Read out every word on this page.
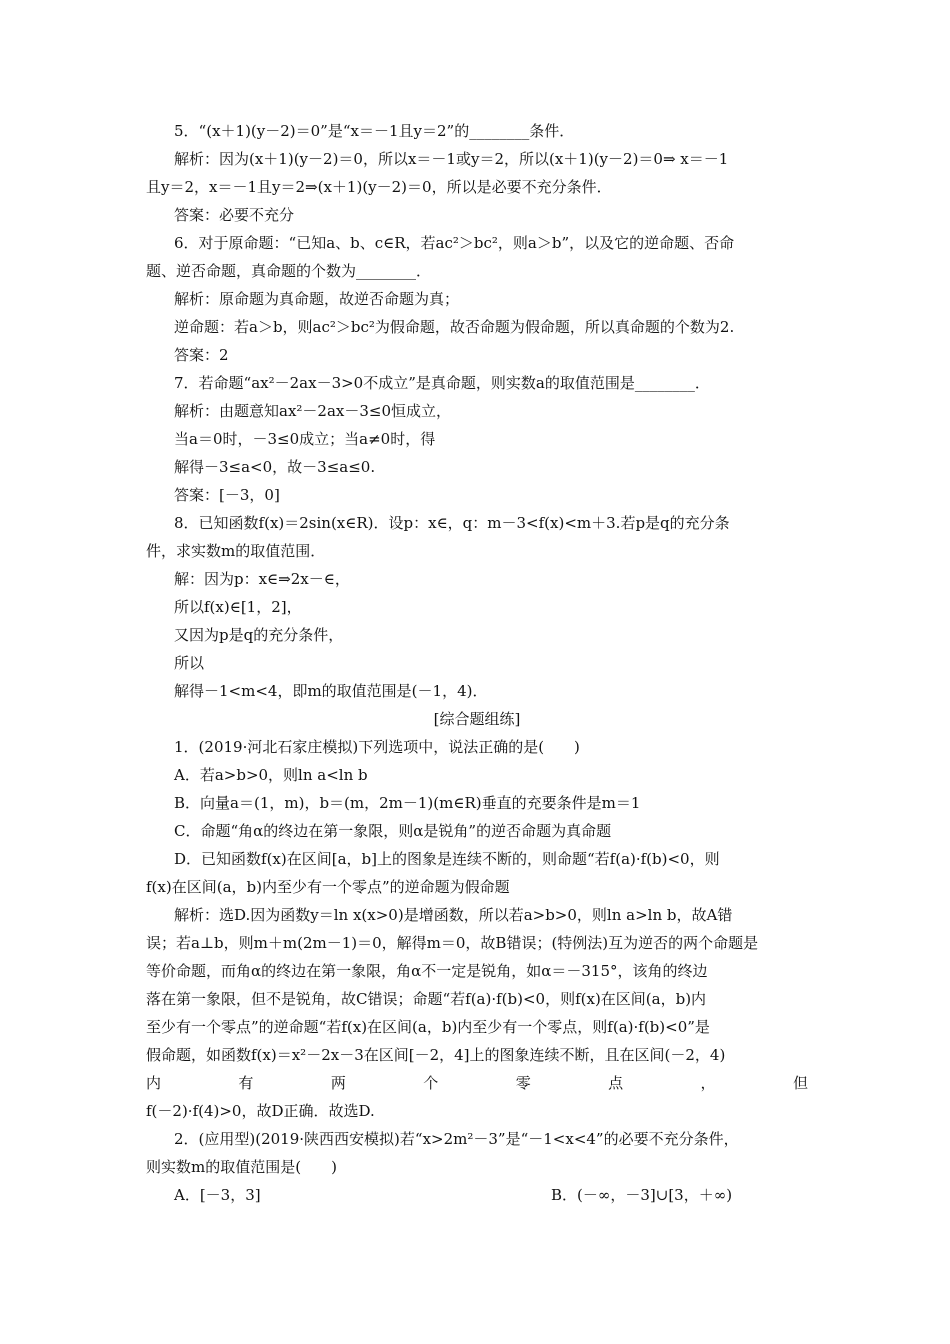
5．“(x＋1)(y－2)＝0”是“x＝－1且y＝2”的________条件．
解析：因为(x＋1)(y－2)＝0，所以x＝－1或y＝2，所以(x＋1)(y－2)＝0⇒ x＝－1
且y＝2，x＝－1且y＝2⇒(x＋1)(y－2)＝0，所以是必要不充分条件．
答案：必要不充分
6．对于原命题：“已知a、b、c∈R，若ac²＞bc²，则a＞b”，以及它的逆命题、否命
题、逆否命题，真命题的个数为________．
解析：原命题为真命题，故逆否命题为真；
逆命题：若a＞b，则ac²＞bc²为假命题，故否命题为假命题，所以真命题的个数为2.
答案：2
7．若命题“ax²－2ax－3>0不成立”是真命题，则实数a的取值范围是________．
解析：由题意知ax²－2ax－3≤0恒成立，
当a＝0时，－3≤0成立；当a≠0时，得
解得－3≤a<0，故－3≤a≤0.
答案：[－3，0]
8．已知函数f(x)＝2sin(x∈R)．设p：x∈，q：m－3<f(x)<m＋3.若p是q的充分条
件，求实数m的取值范围．
解：因为p：x∈⇒2x－∈，
所以f(x)∈[1，2]，
又因为p是q的充分条件，
所以
解得－1<m<4，即m的取值范围是(－1，4)．
[综合题组练]
1．(2019·河北石家庄模拟)下列选项中，说法正确的是(　　)
A．若a>b>0，则ln a<ln b
B．向量a＝(1，m)，b＝(m，2m－1)(m∈R)垂直的充要条件是m＝1
C．命题“角α的终边在第一象限，则α是锐角”的逆否命题为真命题
D．已知函数f(x)在区间[a，b]上的图象是连续不断的，则命题“若f(a)·f(b)<0，则
f(x)在区间(a，b)内至少有一个零点”的逆命题为假命题
解析：选D.因为函数y＝ln x(x>0)是增函数，所以若a>b>0，则ln a>ln b，故A错
误；若a⊥b，则m＋m(2m－1)＝0，解得m＝0，故B错误；(特例法)互为逆否的两个命题是
等价命题，而角α的终边在第一象限，角α不一定是锐角，如α＝－315°，该角的终边
落在第一象限，但不是锐角，故C错误；命题“若f(a)·f(b)<0，则f(x)在区间(a，b)内
至少有一个零点”的逆命题“若f(x)在区间(a，b)内至少有一个零点，则f(a)·f(b)<0”是
假命题，如函数f(x)＝x²－2x－3在区间[－2，4]上的图象连续不断，且在区间(－2，4)
内	有	两	个	零	点	，	但
f(－2)·f(4)>0，故D正确．故选D.
2．(应用型)(2019·陕西西安模拟)若“x>2m²－3”是“－1<x<4”的必要不充分条件，
则实数m的取值范围是(　　)
A．[－3，3]	B．(－∞，－3]∪[3，＋∞)
